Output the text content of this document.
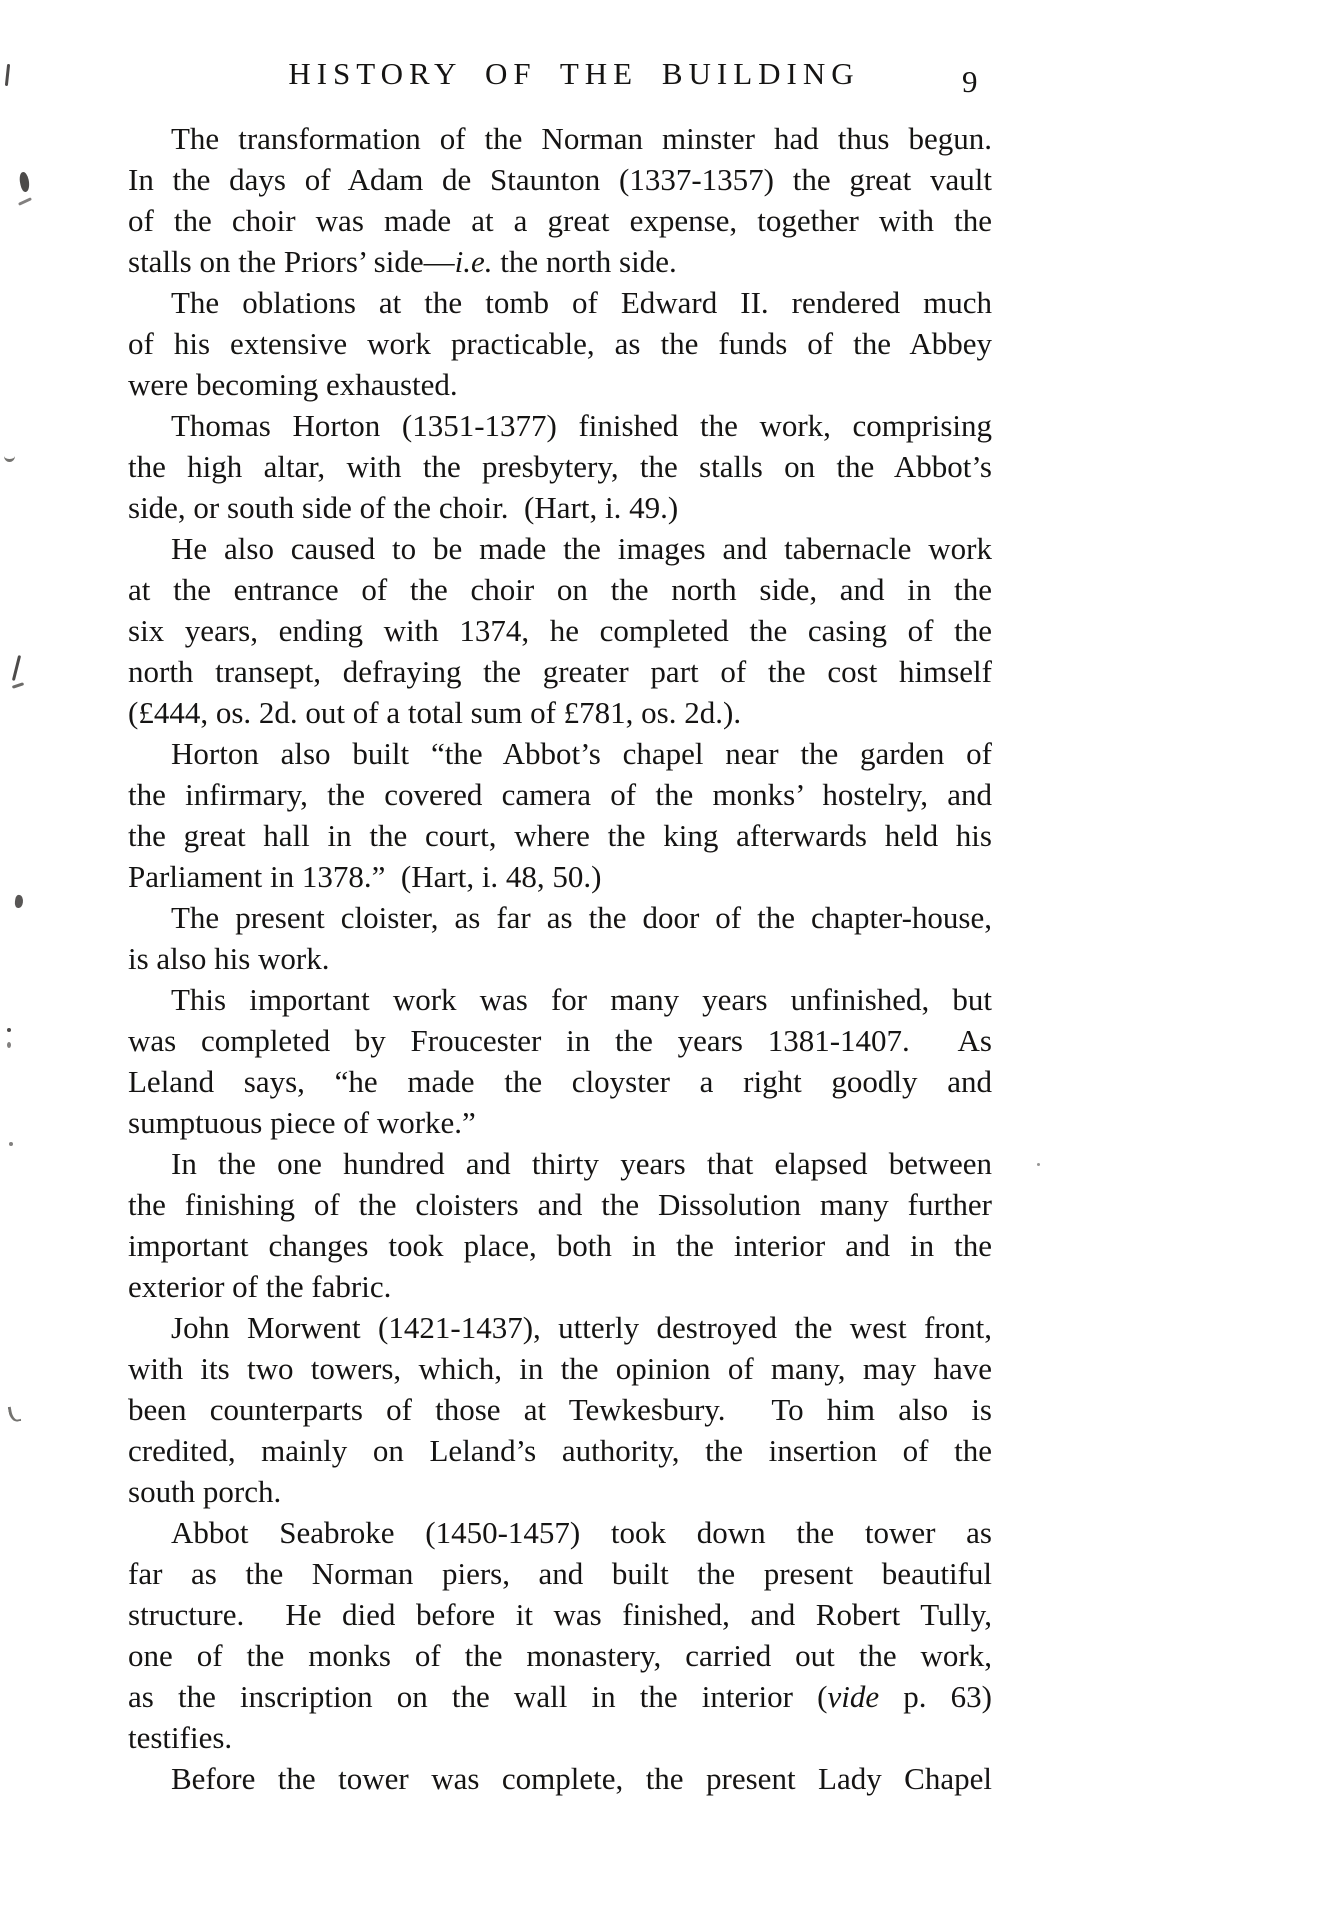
HISTORY OF THE BUILDING	9
The transformation of the Norman minster had thus begun.
In the days of Adam de Staunton (1337-1357) the great vault
of the choir was made at a great expense, together with the
stalls on the Priors’ side—i.e. the north side.
The oblations at the tomb of Edward II. rendered much
of his extensive work practicable, as the funds of the Abbey
were becoming exhausted.
Thomas Horton (1351-1377) finished the work, comprising
the high altar, with the presbytery, the stalls on the Abbot’s
side, or south side of the choir.  (Hart, i. 49.)
He also caused to be made the images and tabernacle work
at the entrance of the choir on the north side, and in the
six years, ending with 1374, he completed the casing of the
north transept, defraying the greater part of the cost himself
(£444, os. 2d. out of a total sum of £781, os. 2d.).
Horton also built “the Abbot’s chapel near the garden of
the infirmary, the covered camera of the monks’ hostelry, and
the great hall in the court, where the king afterwards held his
Parliament in 1378.”  (Hart, i. 48, 50.)
The present cloister, as far as the door of the chapter-house,
is also his work.
This important work was for many years unfinished, but
was completed by Froucester in the years 1381-1407.  As
Leland says, “he made the cloyster a right goodly and
sumptuous piece of worke.”
In the one hundred and thirty years that elapsed between
the finishing of the cloisters and the Dissolution many further
important changes took place, both in the interior and in the
exterior of the fabric.
John Morwent (1421-1437), utterly destroyed the west front,
with its two towers, which, in the opinion of many, may have
been counterparts of those at Tewkesbury.  To him also is
credited, mainly on Leland’s authority, the insertion of the
south porch.
Abbot Seabroke (1450-1457) took down the tower as
far as the Norman piers, and built the present beautiful
structure.  He died before it was finished, and Robert Tully,
one of the monks of the monastery, carried out the work,
as the inscription on the wall in the interior (vide p. 63)
testifies.
Before the tower was complete, the present Lady Chapel
